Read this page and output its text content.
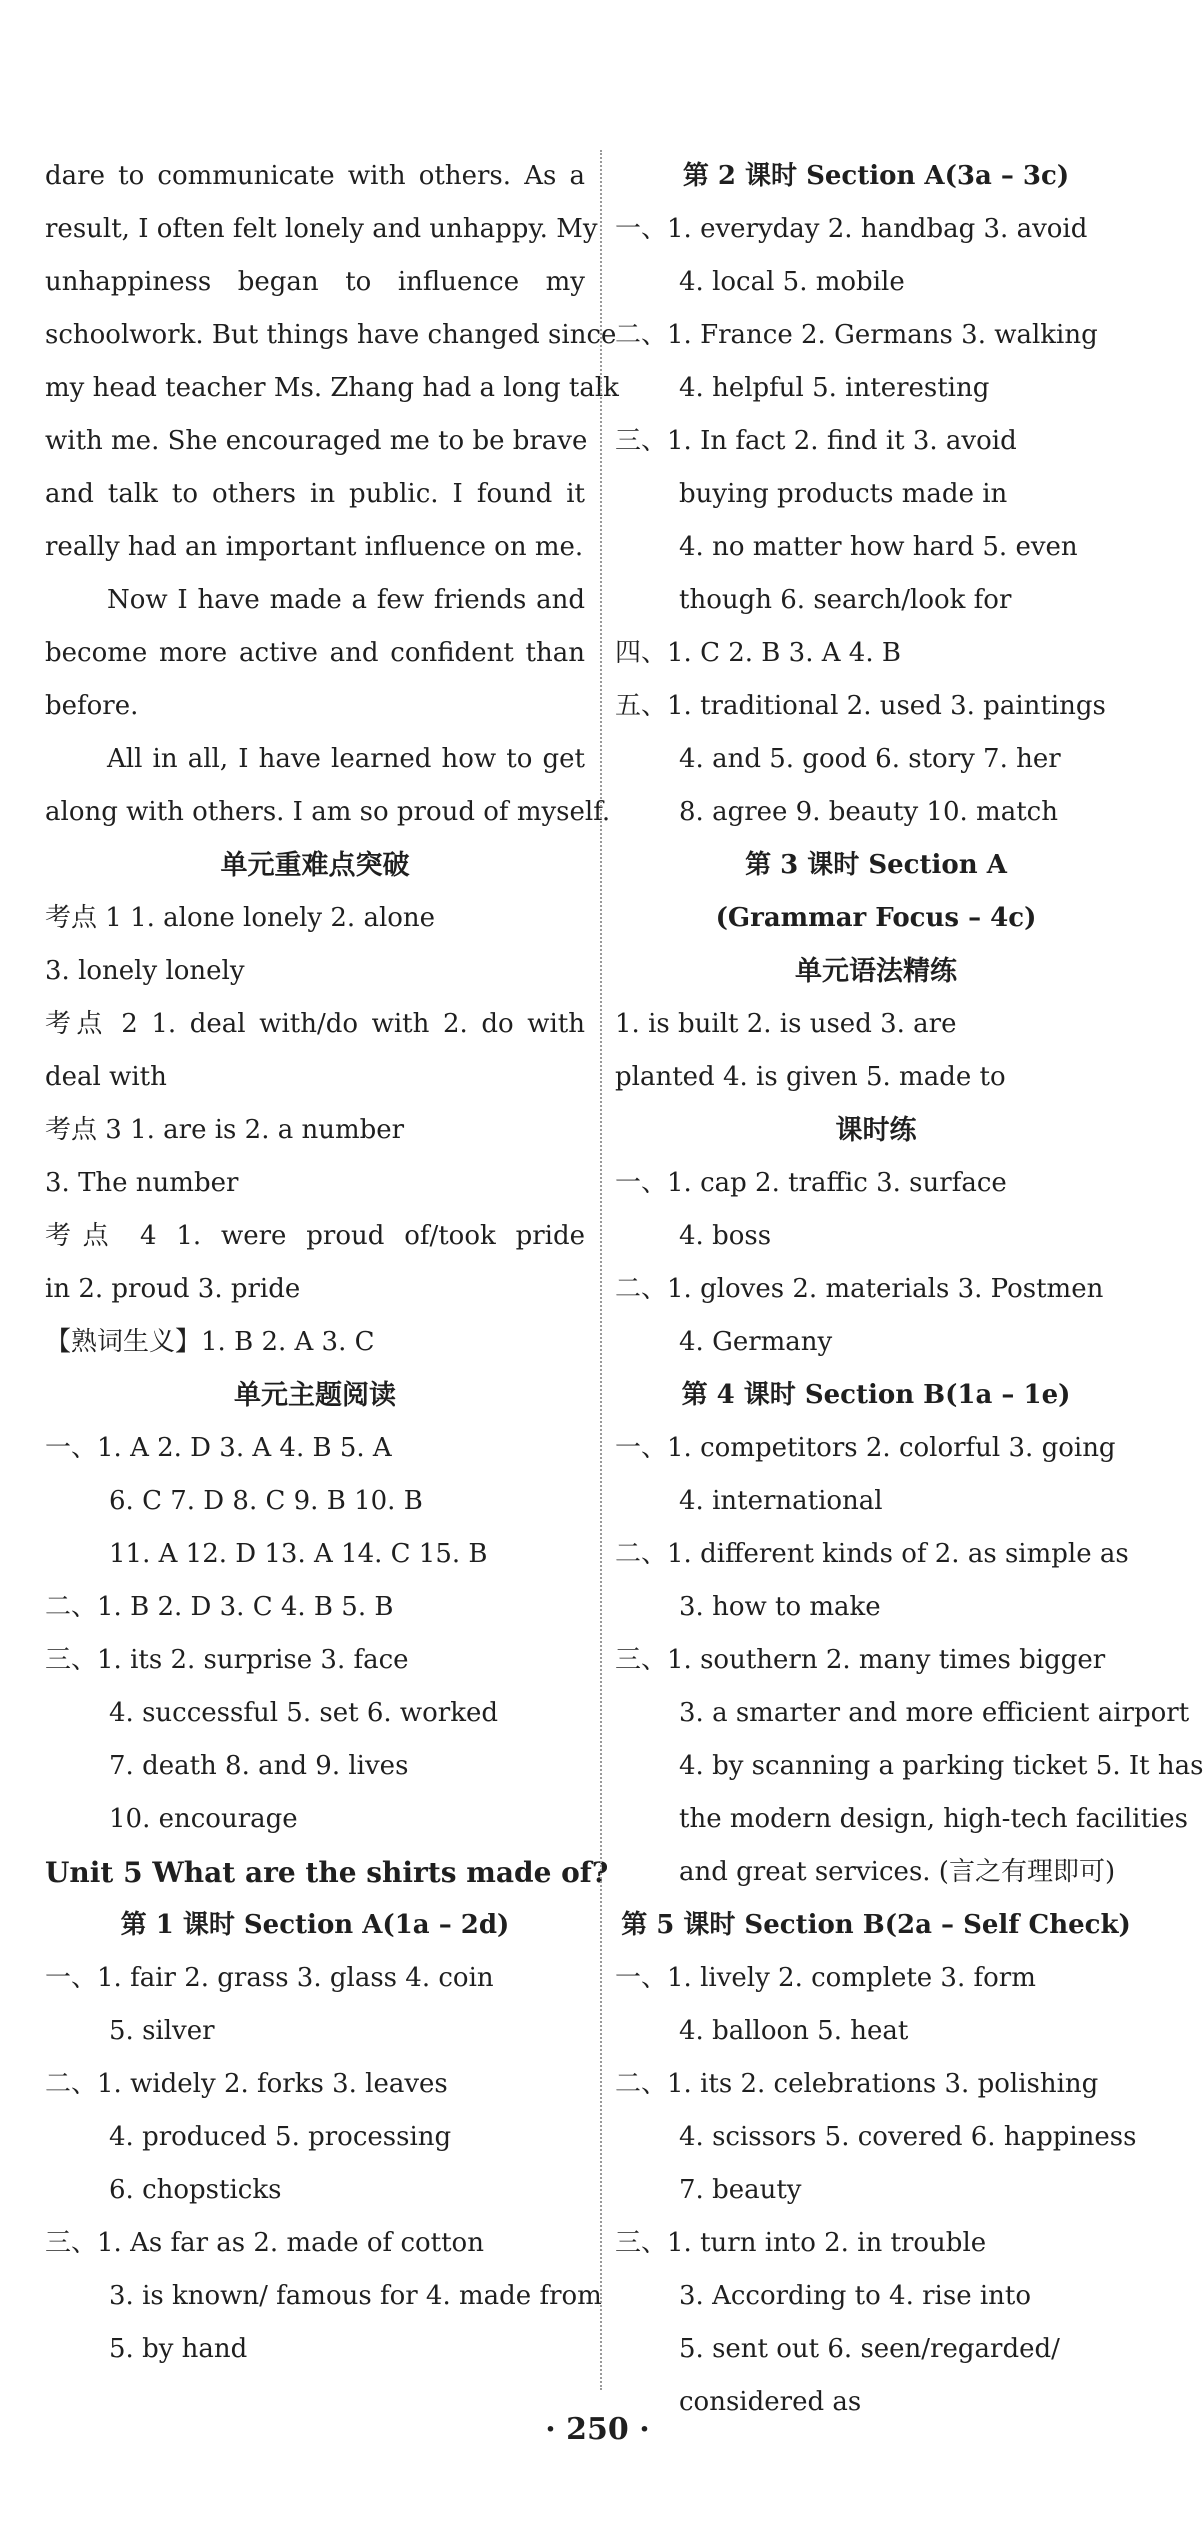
dare to communicate with others. As a
result, I often felt lonely and unhappy. My
unhappiness began to influence my
schoolwork. But things have changed since
my head teacher Ms. Zhang had a long talk
with me. She encouraged me to be brave
and talk to others in public. I found it
really had an important influence on me.
Now I have made a few friends and
become more active and confident than
before.
All in all, I have learned how to get
along with others. I am so proud of myself.
单元重难点突破
考点 1 1. alone lonely 2. alone
3. lonely lonely
考点 2 1. deal with/do with 2. do with
deal with
考点 3 1. are is 2. a number
3. The number
考点 4 1. were proud of/took pride
in 2. proud 3. pride
【熟词生义】1. B 2. A 3. C
单元主题阅读
一、1. A 2. D 3. A 4. B 5. A
6. C 7. D 8. C 9. B 10. B
11. A 12. D 13. A 14. C 15. B
二、1. B 2. D 3. C 4. B 5. B
三、1. its 2. surprise 3. face
4. successful 5. set 6. worked
7. death 8. and 9. lives
10. encourage
Unit 5 What are the shirts made of?
第 1 课时 Section A(1a – 2d)
一、1. fair 2. grass 3. glass 4. coin
5. silver
二、1. widely 2. forks 3. leaves
4. produced 5. processing
6. chopsticks
三、1. As far as 2. made of cotton
3. is known/ famous for 4. made from
5. by hand
第 2 课时 Section A(3a – 3c)
一、1. everyday 2. handbag 3. avoid
4. local 5. mobile
二、1. France 2. Germans 3. walking
4. helpful 5. interesting
三、1. In fact 2. find it 3. avoid
buying products made in
4. no matter how hard 5. even
though 6. search/look for
四、1. C 2. B 3. A 4. B
五、1. traditional 2. used 3. paintings
4. and 5. good 6. story 7. her
8. agree 9. beauty 10. match
第 3 课时 Section A
(Grammar Focus – 4c)
单元语法精练
1. is built 2. is used 3. are
planted 4. is given 5. made to
课时练
一、1. cap 2. traffic 3. surface
4. boss
二、1. gloves 2. materials 3. Postmen
4. Germany
第 4 课时 Section B(1a – 1e)
一、1. competitors 2. colorful 3. going
4. international
二、1. different kinds of 2. as simple as
3. how to make
三、1. southern 2. many times bigger
3. a smarter and more efficient airport
4. by scanning a parking ticket 5. It has
the modern design, high-tech facilities
and great services. (言之有理即可)
第 5 课时 Section B(2a – Self Check)
一、1. lively 2. complete 3. form
4. balloon 5. heat
二、1. its 2. celebrations 3. polishing
4. scissors 5. covered 6. happiness
7. beauty
三、1. turn into 2. in trouble
3. According to 4. rise into
5. sent out 6. seen/regarded/
considered as
· 250 ·
